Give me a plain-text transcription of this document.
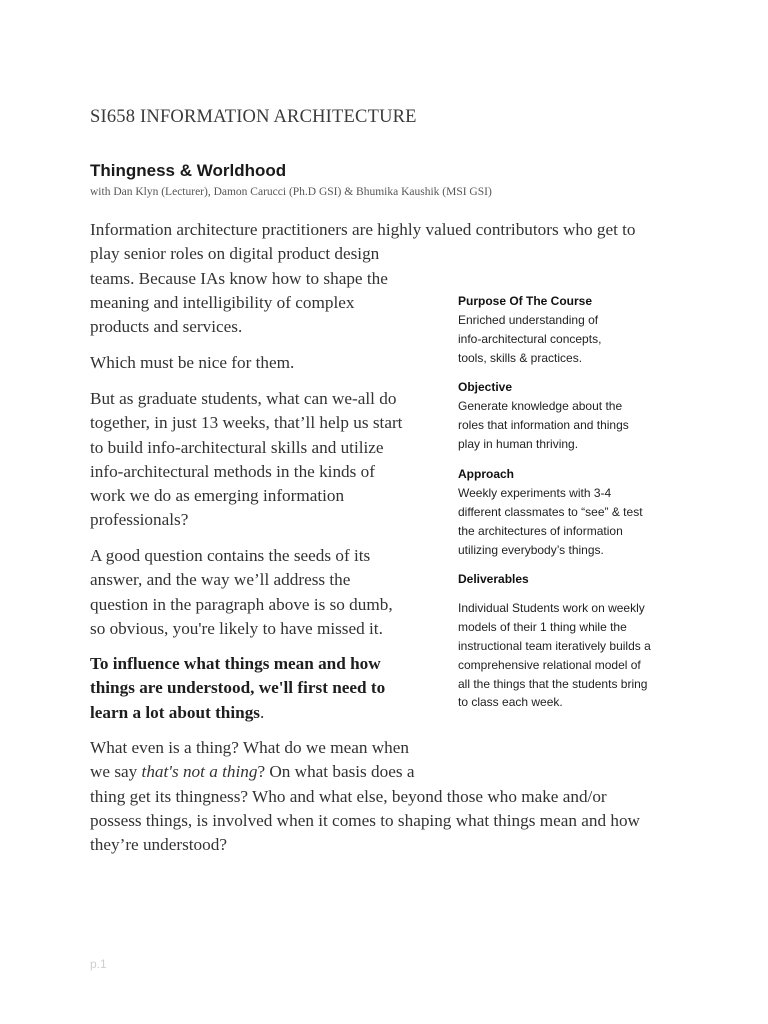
SI658 INFORMATION ARCHITECTURE
Thingness & Worldhood
with Dan Klyn (Lecturer), Damon Carucci (Ph.D GSI) & Bhumika Kaushik (MSI GSI)
Information architecture practitioners are highly valued contributors who get to
play senior roles on digital product design
teams. Because IAs know how to shape the
meaning and intelligibility of complex
products and services.
Which must be nice for them.
But as graduate students, what can we-all do
together, in just 13 weeks, that’ll help us start
to build info-architectural skills and utilize
info-architectural methods in the kinds of
work we do as emerging information
professionals?
A good question contains the seeds of its
answer, and the way we’ll address the
question in the paragraph above is so dumb,
so obvious, you're likely to have missed it.
To influence what things mean and how
things are understood, we'll first need to
learn a lot about things.
What even is a thing? What do we mean when
we say that's not a thing? On what basis does a
thing get its thingness? Who and what else, beyond those who make and/or
possess things, is involved when it comes to shaping what things mean and how
they’re understood?
Purpose Of The Course
Enriched understanding of
info-architectural concepts,
tools, skills & practices.
Objective
Generate knowledge about the
roles that information and things
play in human thriving.
Approach
Weekly experiments with 3-4
different classmates to “see” & test
the architectures of information
utilizing everybody’s things.
Deliverables
Individual Students work on weekly
models of their 1 thing while the
instructional team iteratively builds a
comprehensive relational model of
all the things that the students bring
to class each week.
p.1
